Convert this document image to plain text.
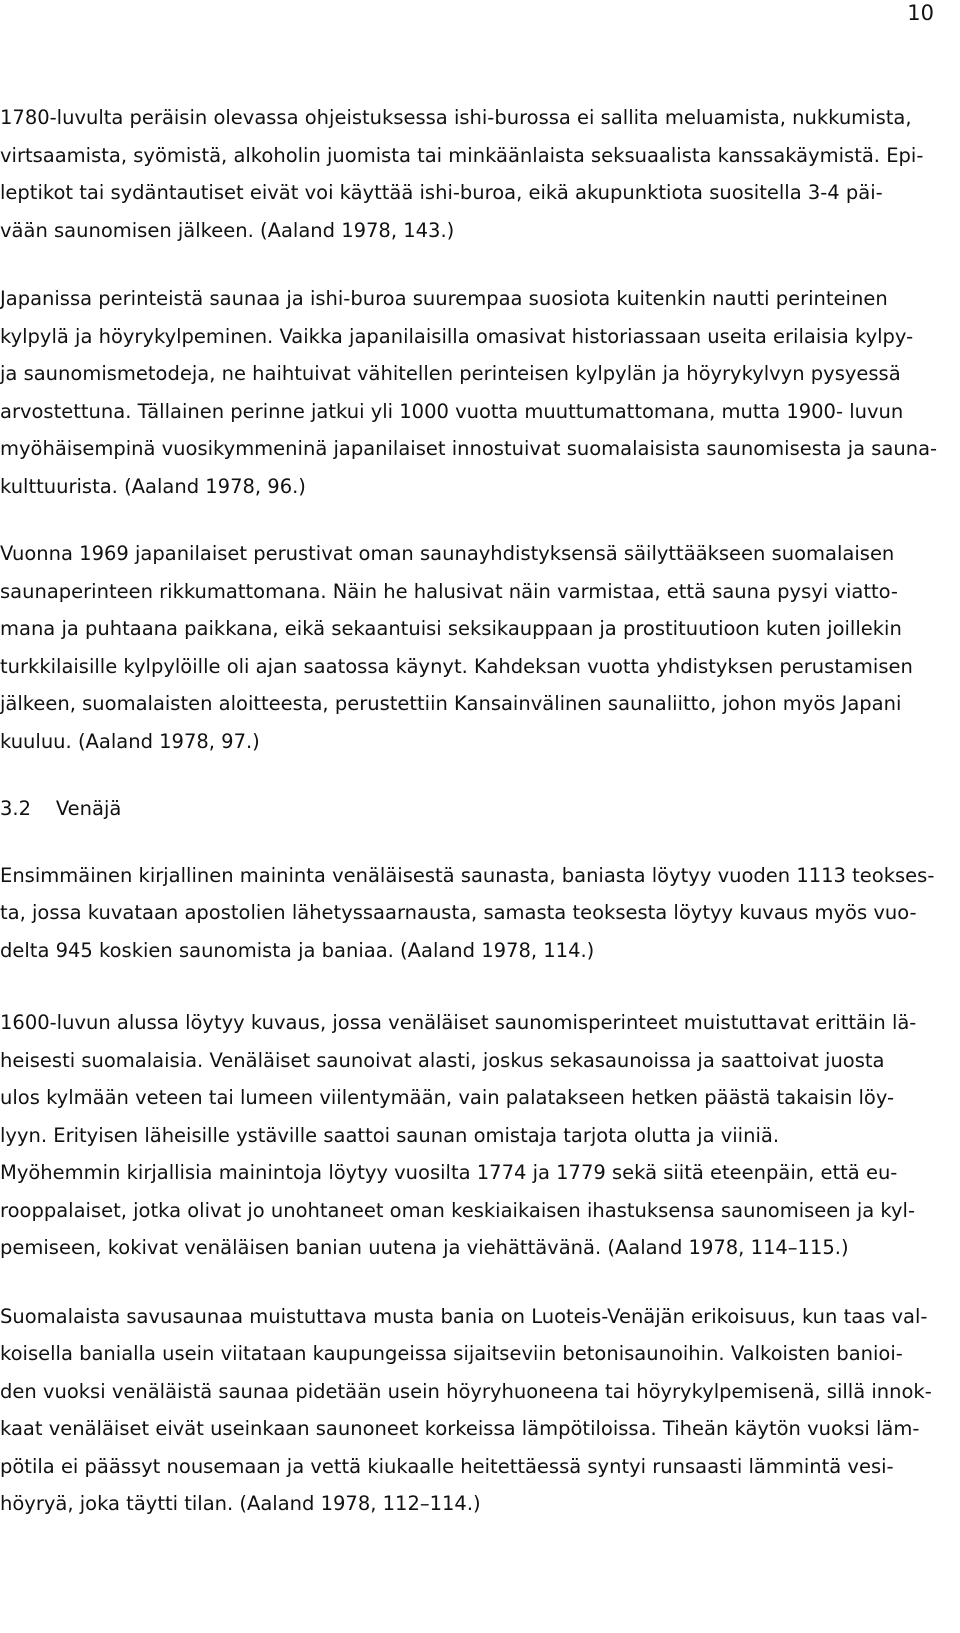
10

1780-luvulta peräisin olevassa ohjeistuksessa ishi-burossa ei sallita meluamista, nukkumista,
virtsaamista, syömistä, alkoholin juomista tai minkäänlaista seksuaalista kanssakäymistä. Epi-
leptikot tai sydäntautiset eivät voi käyttää ishi-buroa, eikä akupunktiota suositella 3-4 päi-
vään saunomisen jälkeen. (Aaland 1978, 143.)

Japanissa perinteistä saunaa ja ishi-buroa suurempaa suosiota kuitenkin nautti perinteinen
kylpylä ja höyrykylpeminen. Vaikka japanilaisilla omasivat historiassaan useita erilaisia kylpy-
ja saunomismetodeja, ne haihtuivat vähitellen perinteisen kylpylän ja höyrykylvyn pysyessä
arvostettuna. Tällainen perinne jatkui yli 1000 vuotta muuttumattomana, mutta 1900- luvun
myöhäisempinä vuosikymmeninä japanilaiset innostuivat suomalaisista saunomisesta ja sauna-
kulttuurista. (Aaland 1978, 96.)

Vuonna 1969 japanilaiset perustivat oman saunayhdistyksensä säilyttääkseen suomalaisen
saunaperinteen rikkumattomana. Näin he halusivat näin varmistaa, että sauna pysyi viatto-
mana ja puhtaana paikkana, eikä sekaantuisi seksikauppaan ja prostituutioon kuten joillekin
turkkilaisille kylpylöille oli ajan saatossa käynyt. Kahdeksan vuotta yhdistyksen perustamisen
jälkeen, suomalaisten aloitteesta, perustettiin Kansainvälinen saunaliitto, johon myös Japani
kuuluu. (Aaland 1978, 97.)

3.2 Venäjä

Ensimmäinen kirjallinen maininta venäläisestä saunasta, baniasta löytyy vuoden 1113 teokses-
ta, jossa kuvataan apostolien lähetyssaarnausta, samasta teoksesta löytyy kuvaus myös vuo-
delta 945 koskien saunomista ja baniaa. (Aaland 1978, 114.)

1600-luvun alussa löytyy kuvaus, jossa venäläiset saunomisperinteet muistuttavat erittäin lä-
heisesti suomalaisia. Venäläiset saunoivat alasti, joskus sekasaunoissa ja saattoivat juosta
ulos kylmään veteen tai lumeen viilentymään, vain palatakseen hetken päästä takaisin löy-
lyyn. Erityisen läheisille ystäville saattoi saunan omistaja tarjota olutta ja viiniä.
Myöhemmin kirjallisia mainintoja löytyy vuosilta 1774 ja 1779 sekä siitä eteenpäin, että eu-
rooppalaiset, jotka olivat jo unohtaneet oman keskiaikaisen ihastuksensa saunomiseen ja kyl-
pemiseen, kokivat venäläisen banian uutena ja viehättävänä. (Aaland 1978, 114–115.)

Suomalaista savusaunaa muistuttava musta bania on Luoteis-Venäjän erikoisuus, kun taas val-
koisella banialla usein viitataan kaupungeissa sijaitseviin betonisaunoihin. Valkoisten banioi-
den vuoksi venäläistä saunaa pidetään usein höyryhuoneena tai höyrykylpemisenä, sillä innok-
kaat venäläiset eivät useinkaan saunoneet korkeissa lämpötiloissa. Tiheän käytön vuoksi läm-
pötila ei päässyt nousemaan ja vettä kiukaalle heitettäessä syntyi runsaasti lämmintä vesi-
höyryä, joka täytti tilan. (Aaland 1978, 112–114.)
